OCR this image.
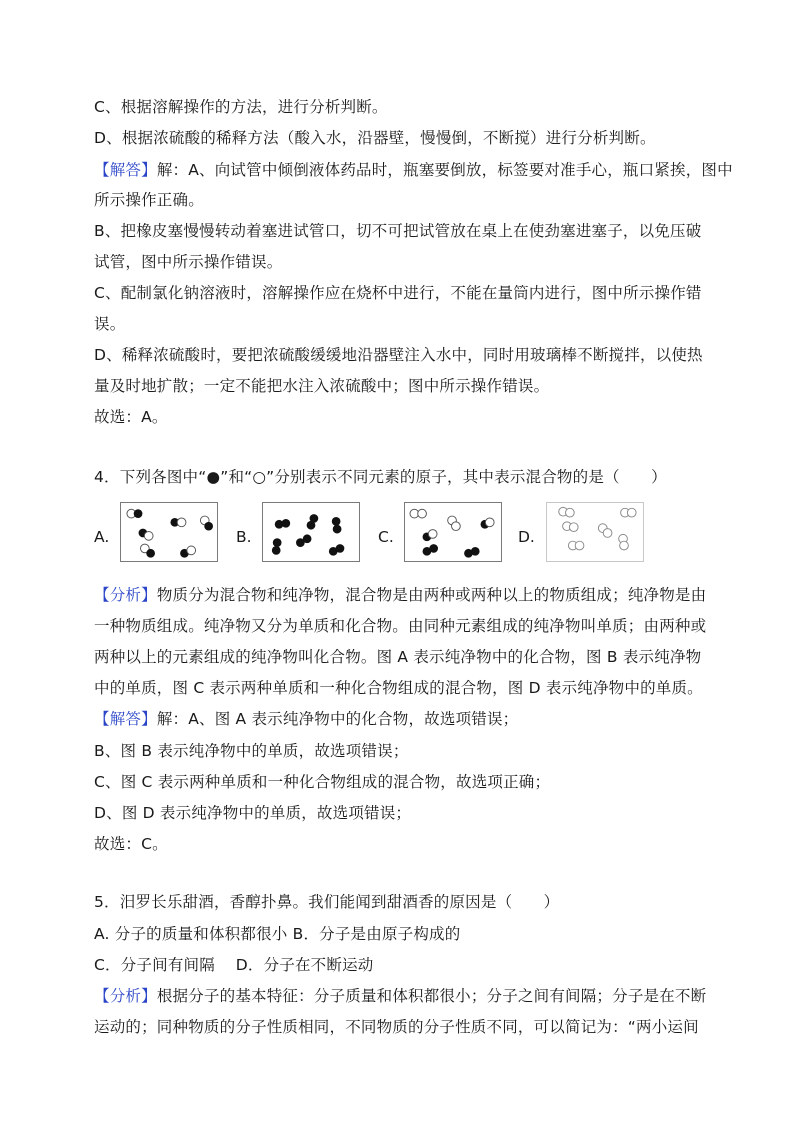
C、根据溶解操作的方法，进行分析判断。
D、根据浓硫酸的稀释方法（酸入水，沿器壁，慢慢倒，不断搅）进行分析判断。
【解答】解：A、向试管中倾倒液体药品时，瓶塞要倒放，标签要对准手心，瓶口紧挨，图中
所示操作正确。
B、把橡皮塞慢慢转动着塞进试管口，切不可把试管放在桌上在使劲塞进塞子，以免压破
试管，图中所示操作错误。
C、配制氯化钠溶液时，溶解操作应在烧杯中进行，不能在量筒内进行，图中所示操作错
误。
D、稀释浓硫酸时，要把浓硫酸缓缓地沿器壁注入水中，同时用玻璃棒不断搅拌，以使热
量及时地扩散；一定不能把水注入浓硫酸中；图中所示操作错误。
故选：A。
4．下列各图中“●”和“○”分别表示不同元素的原子，其中表示混合物的是（　　）
A.	B.	C.	D.
【分析】物质分为混合物和纯净物，混合物是由两种或两种以上的物质组成；纯净物是由
一种物质组成。纯净物又分为单质和化合物。由同种元素组成的纯净物叫单质；由两种或
两种以上的元素组成的纯净物叫化合物。图 A 表示纯净物中的化合物，图 B 表示纯净物
中的单质，图 C 表示两种单质和一种化合物组成的混合物，图 D 表示纯净物中的单质。
【解答】解：A、图 A 表示纯净物中的化合物，故选项错误；
B、图 B 表示纯净物中的单质，故选项错误；
C、图 C 表示两种单质和一种化合物组成的混合物，故选项正确；
D、图 D 表示纯净物中的单质，故选项错误；
故选：C。
5．汨罗长乐甜酒，香醇扑鼻。我们能闻到甜酒香的原因是（　　）
A. 分子的质量和体积都很小 B．分子是由原子构成的
C．分子间有间隔　 D．分子在不断运动
【分析】根据分子的基本特征：分子质量和体积都很小；分子之间有间隔；分子是在不断
运动的；同种物质的分子性质相同，不同物质的分子性质不同，可以简记为：“两小运间
